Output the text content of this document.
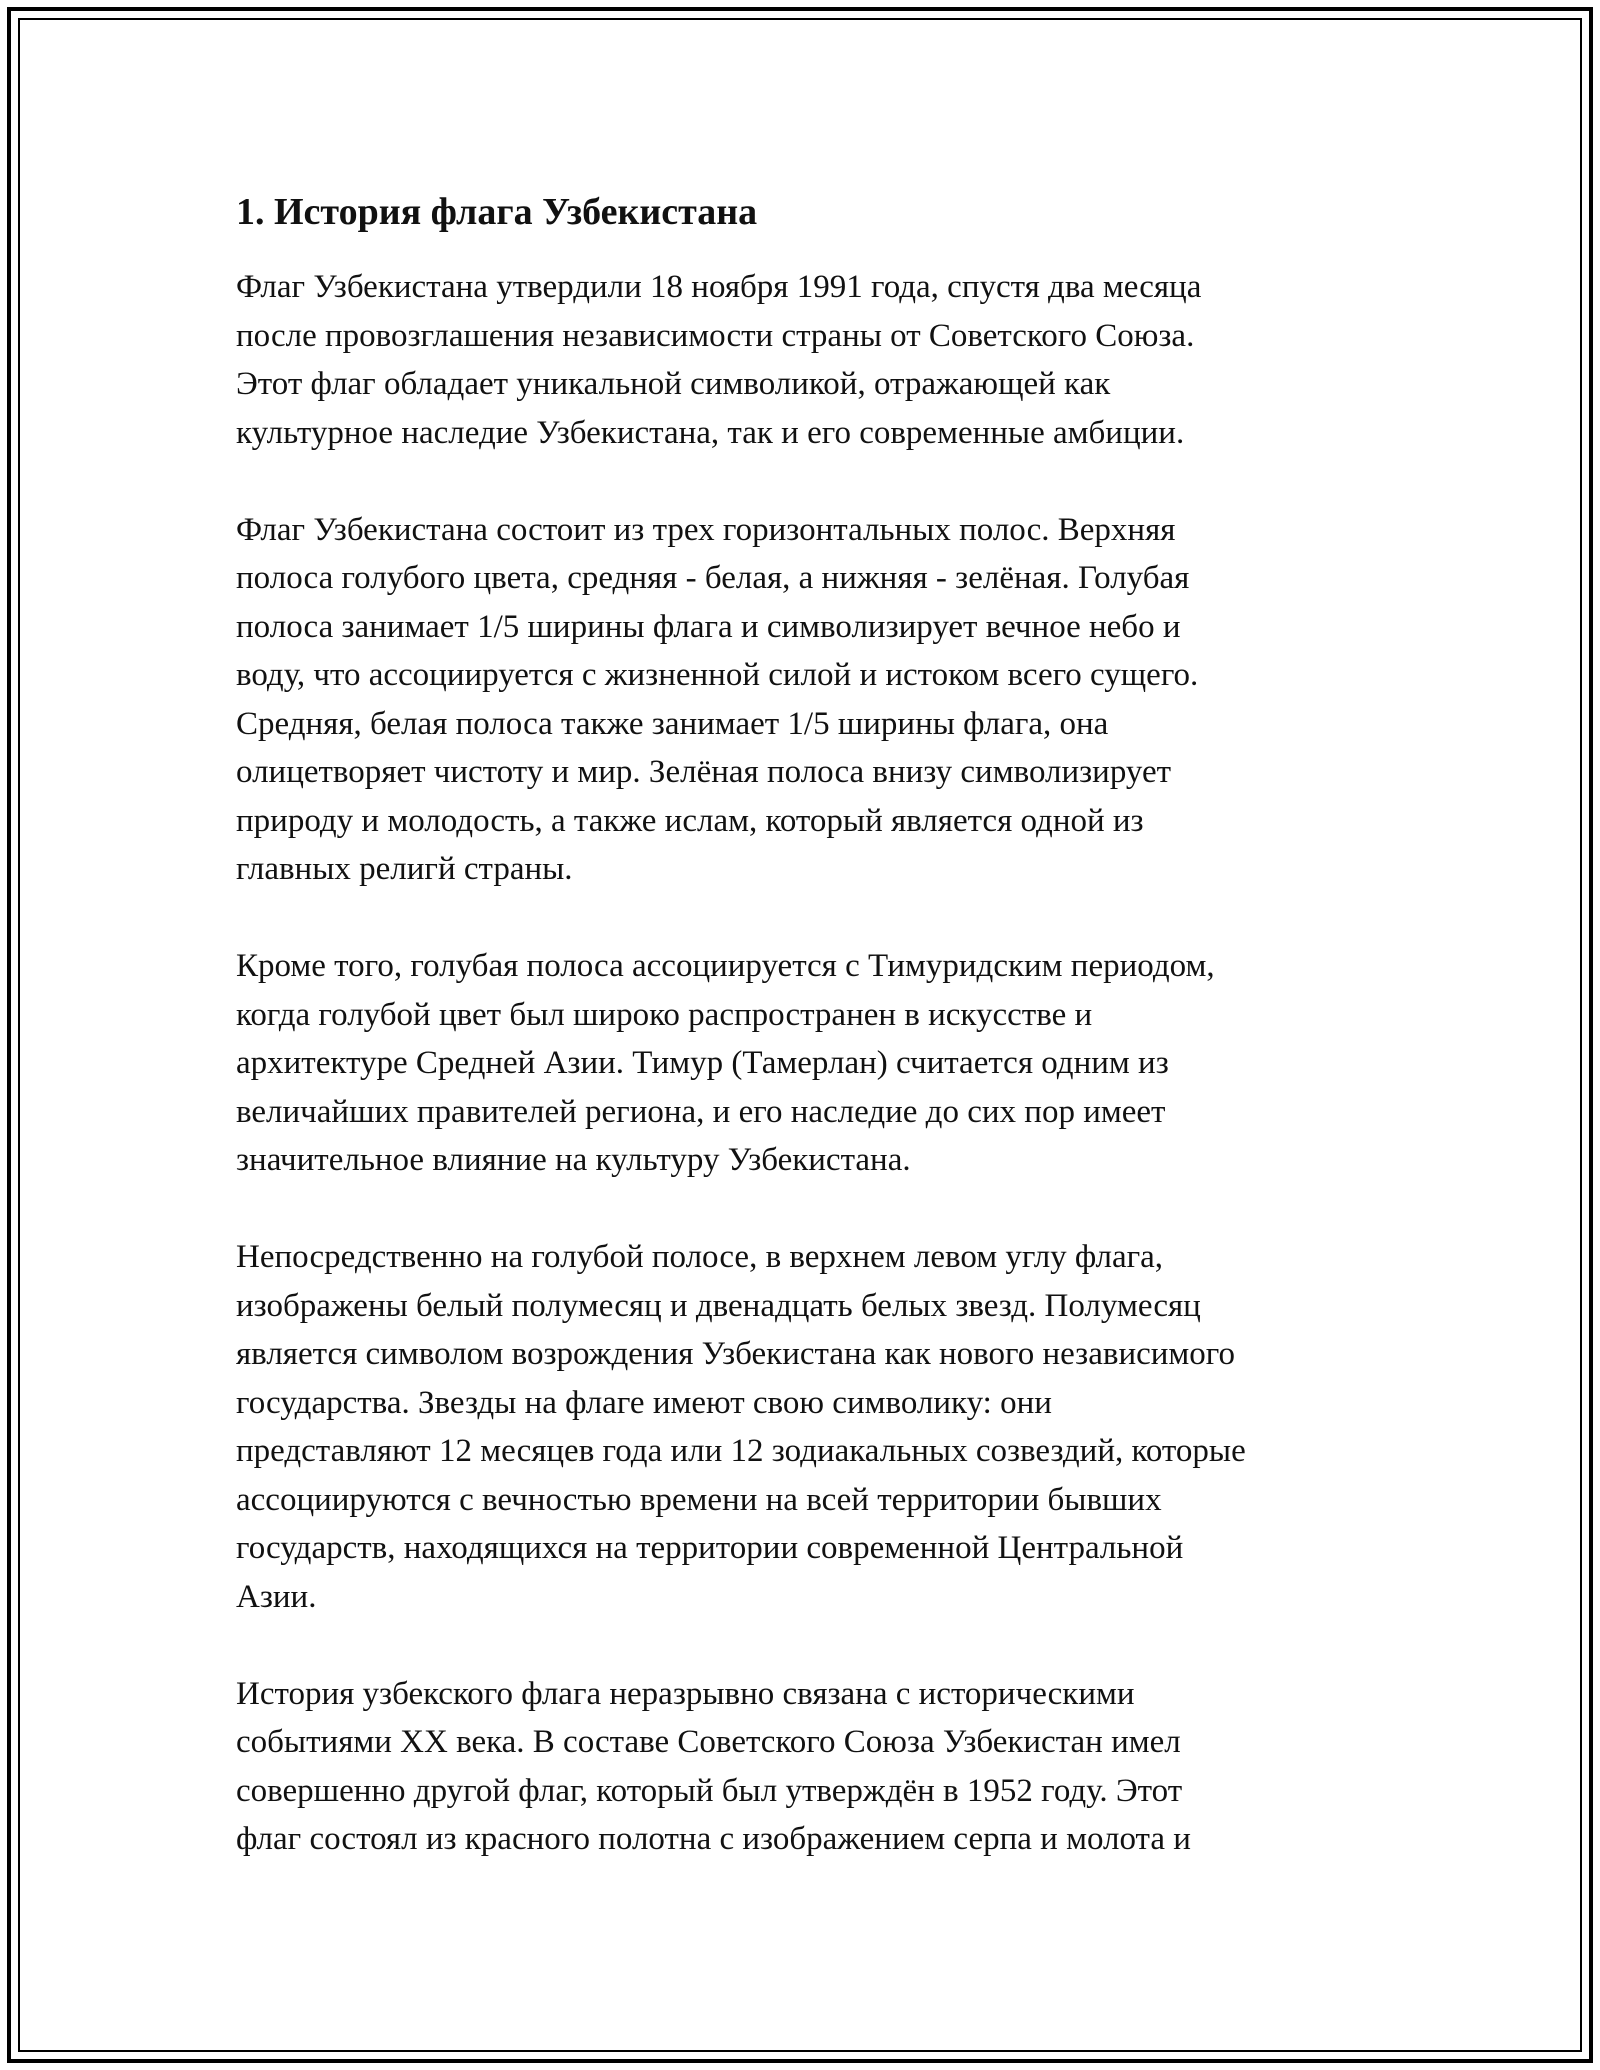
1. История флага Узбекистана

Флаг Узбекистана утвердили 18 ноября 1991 года, спустя два месяца
после провозглашения независимости страны от Советского Союза.
Этот флаг обладает уникальной символикой, отражающей как
культурное наследие Узбекистана, так и его современные амбиции.

Флаг Узбекистана состоит из трех горизонтальных полос. Верхняя
полоса голубого цвета, средняя - белая, а нижняя - зелёная. Голубая
полоса занимает 1/5 ширины флага и символизирует вечное небо и
воду, что ассоциируется с жизненной силой и истоком всего сущего.
Средняя, белая полоса также занимает 1/5 ширины флага, она
олицетворяет чистоту и мир. Зелёная полоса внизу символизирует
природу и молодость, а также ислам, который является одной из
главных религй страны.

Кроме того, голубая полоса ассоциируется с Тимуридским периодом,
когда голубой цвет был широко распространен в искусстве и
архитектуре Средней Азии. Тимур (Тамерлан) считается одним из
величайших правителей региона, и его наследие до сих пор имеет
значительное влияние на культуру Узбекистана.

Непосредственно на голубой полосе, в верхнем левом углу флага,
изображены белый полумесяц и двенадцать белых звезд. Полумесяц
является символом возрождения Узбекистана как нового независимого
государства. Звезды на флаге имеют свою символику: они
представляют 12 месяцев года или 12 зодиакальных созвездий, которые
ассоциируются с вечностью времени на всей территории бывших
государств, находящихся на территории современной Центральной
Азии.

История узбекского флага неразрывно связана с историческими
событиями XX века. В составе Советского Союза Узбекистан имел
совершенно другой флаг, который был утверждён в 1952 году. Этот
флаг состоял из красного полотна с изображением серпа и молота и
